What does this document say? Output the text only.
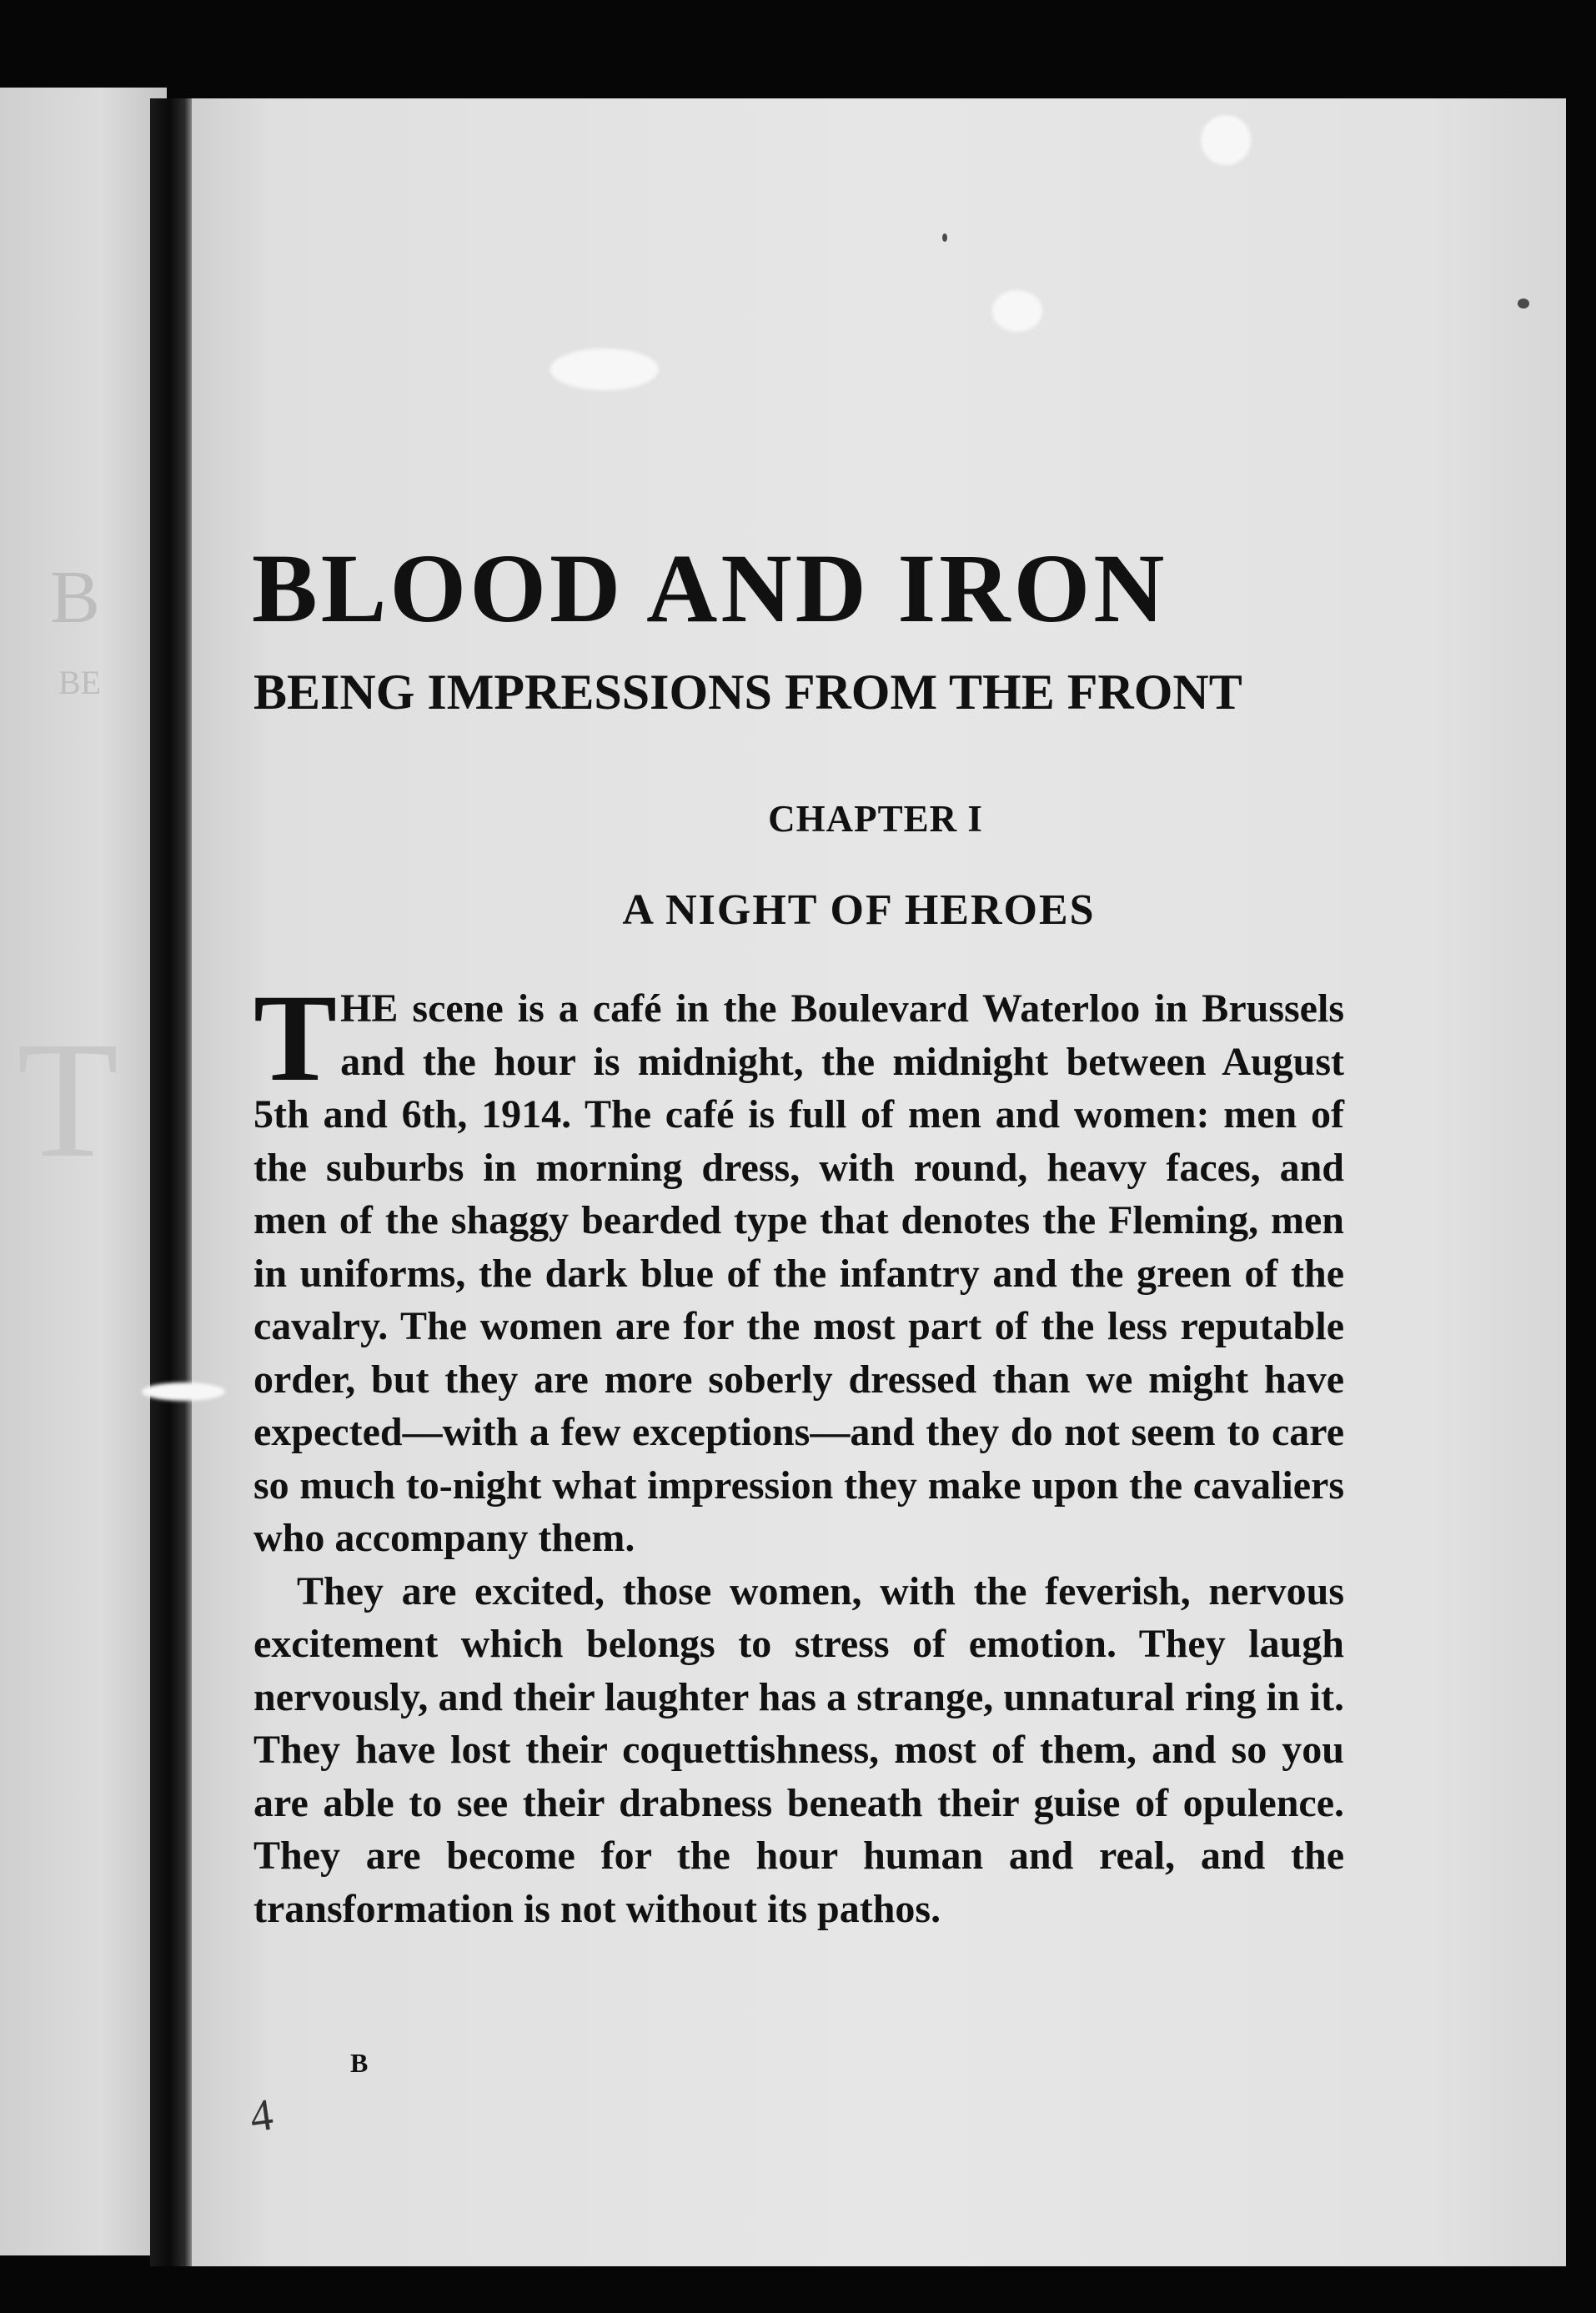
B
BE
T
BLOOD AND IRON
BEING IMPRESSIONS FROM THE FRONT
CHAPTER I
A NIGHT OF HEROES

THE scene is a café in the Boulevard Waterloo in Brussels and the hour is midnight, the midnight between August 5th and 6th, 1914. The café is full of men and women: men of the suburbs in morning dress, with round, heavy faces, and men of the shaggy bearded type that denotes the Fleming, men in uniforms, the dark blue of the infantry and the green of the cavalry. The women are for the most part of the less reputable order, but they are more soberly dressed than we might have expected—with a few exceptions—and they do not seem to care so much to-night what impression they make upon the cavaliers who accompany them.

They are excited, those women, with the feverish, nervous excitement which belongs to stress of emotion. They laugh nervously, and their laughter has a strange, unnatural ring in it. They have lost their coquettishness, most of them, and so you are able to see their drabness beneath their guise of opulence. They are become for the hour human and real, and the transformation is not without its pathos.

B
4
